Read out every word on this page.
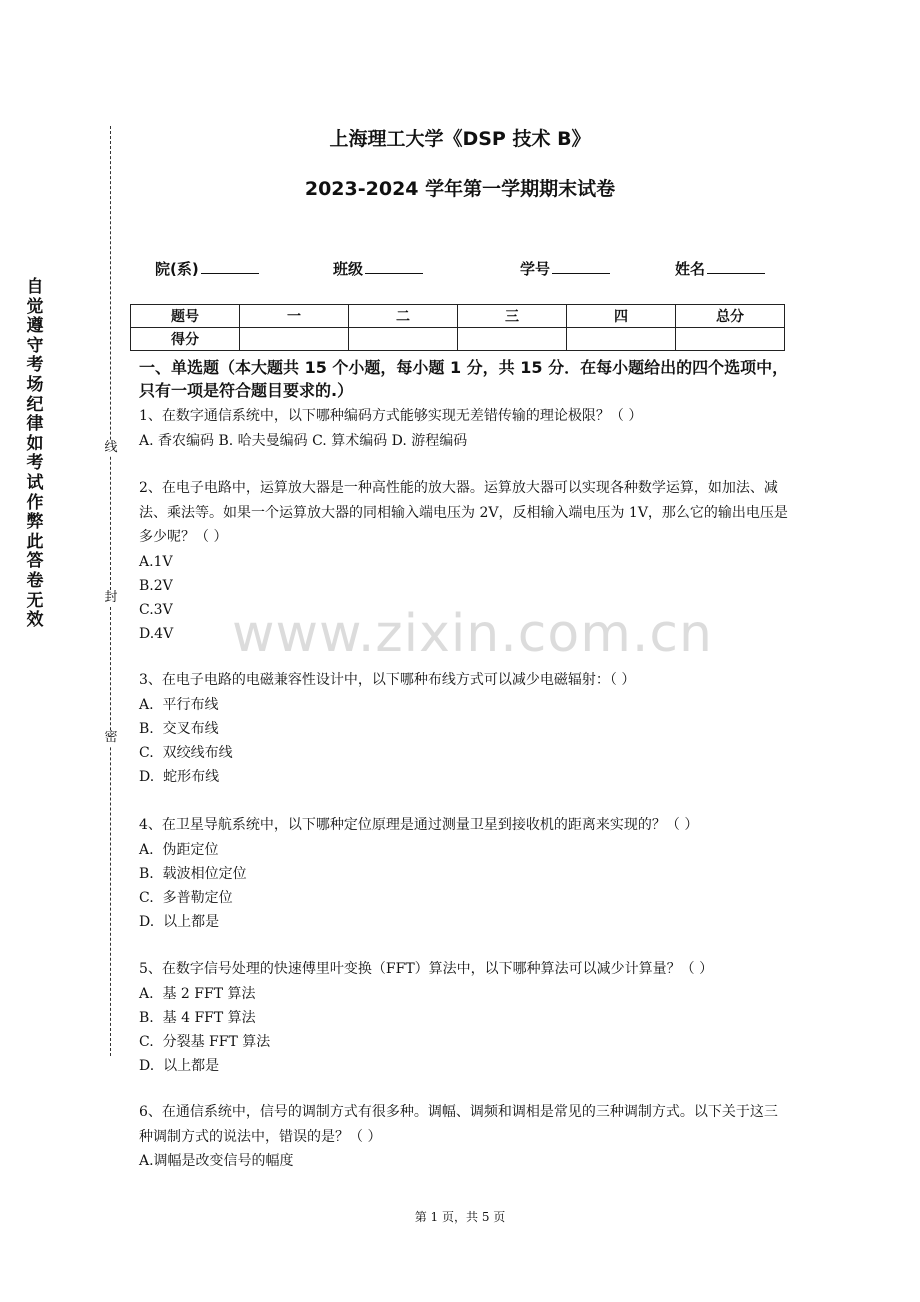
自
觉
遵
守
考
场
纪
律
如
考
试
作
弊
此
答
卷
无
效
线
封
密
上海理工大学《DSP 技术 B》
2023-2024 学年第一学期期末试卷
院(系)	班级	学号	姓名
题号	一	二	三	四	总分
得分					
一、单选题（本大题共 15 个小题，每小题 1 分，共 15 分．在每小题给出的四个选项中，只有一项是符合题目要求的.）
www.zixin.com.cn
1、在数字通信系统中，以下哪种编码方式能够实现无差错传输的理论极限？（ ）
A. 香农编码 B. 哈夫曼编码 C. 算术编码 D. 游程编码
2、在电子电路中，运算放大器是一种高性能的放大器。运算放大器可以实现各种数学运算，如加法、减法、乘法等。如果一个运算放大器的同相输入端电压为 2V，反相输入端电压为 1V，那么它的输出电压是多少呢？（ ）
A.1V
B.2V
C.3V
D.4V
3、在电子电路的电磁兼容性设计中，以下哪种布线方式可以减少电磁辐射：（ ）
A.  平行布线
B.  交叉布线
C.  双绞线布线
D.  蛇形布线
4、在卫星导航系统中，以下哪种定位原理是通过测量卫星到接收机的距离来实现的？（ ）
A.  伪距定位
B.  载波相位定位
C.  多普勒定位
D.  以上都是
5、在数字信号处理的快速傅里叶变换（FFT）算法中，以下哪种算法可以减少计算量？（ ）
A.  基 2 FFT 算法
B.  基 4 FFT 算法
C.  分裂基 FFT 算法
D.  以上都是
6、在通信系统中，信号的调制方式有很多种。调幅、调频和调相是常见的三种调制方式。以下关于这三种调制方式的说法中，错误的是？（ ）
A.调幅是改变信号的幅度
第 1 页，共 5 页
